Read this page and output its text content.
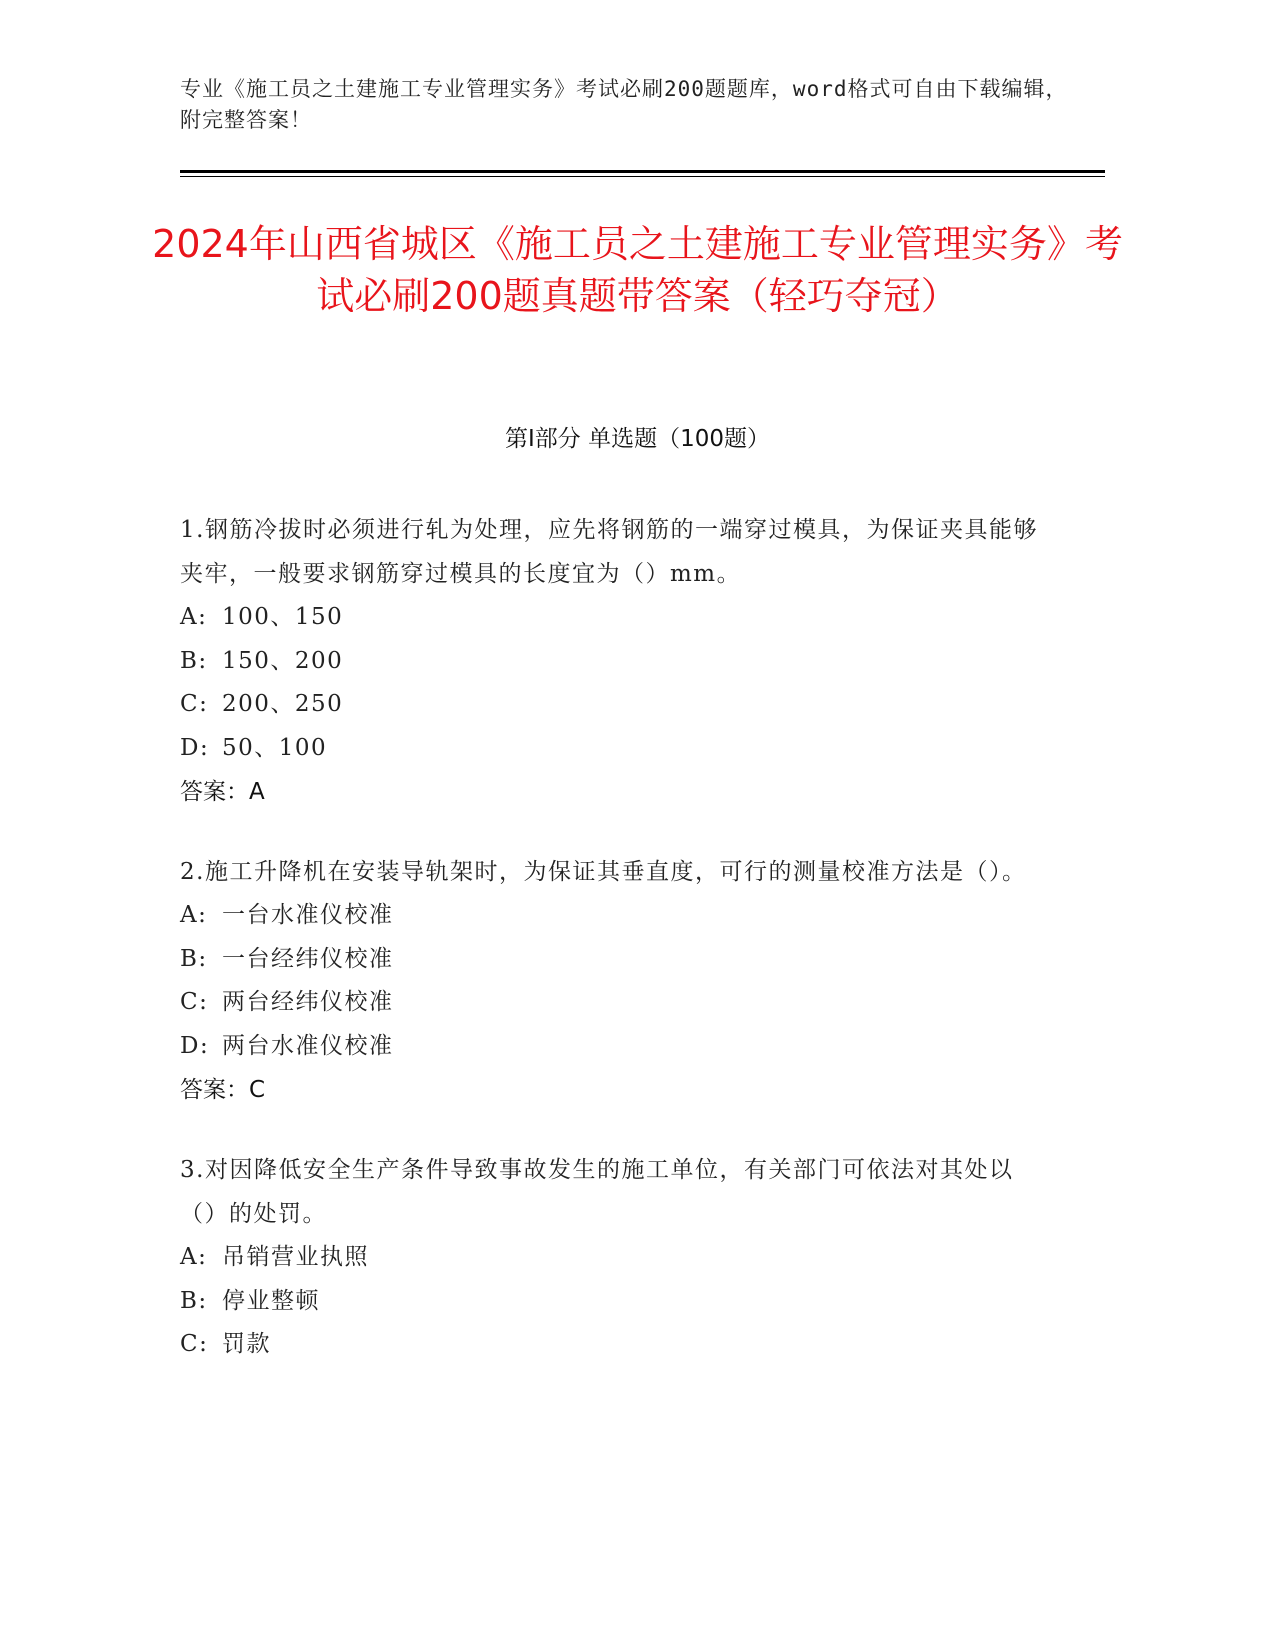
专业《施工员之土建施工专业管理实务》考试必刷200题题库，word格式可自由下载编辑，附完整答案！
2024年山西省城区《施工员之土建施工专业管理实务》考试必刷200题真题带答案（轻巧夺冠）
第I部分 单选题（100题）
1.钢筋冷拔时必须进行轧为处理，应先将钢筋的一端穿过模具，为保证夹具能够夹牢，一般要求钢筋穿过模具的长度宜为（）mm。
A: 100、150
B: 150、200
C: 200、250
D: 50、100
答案：A
2.施工升降机在安装导轨架时，为保证其垂直度，可行的测量校准方法是（）。
A: 一台水准仪校准
B: 一台经纬仪校准
C: 两台经纬仪校准
D: 两台水准仪校准
答案：C
3.对因降低安全生产条件导致事故发生的施工单位，有关部门可依法对其处以（）的处罚。
A: 吊销营业执照
B: 停业整顿
C: 罚款
